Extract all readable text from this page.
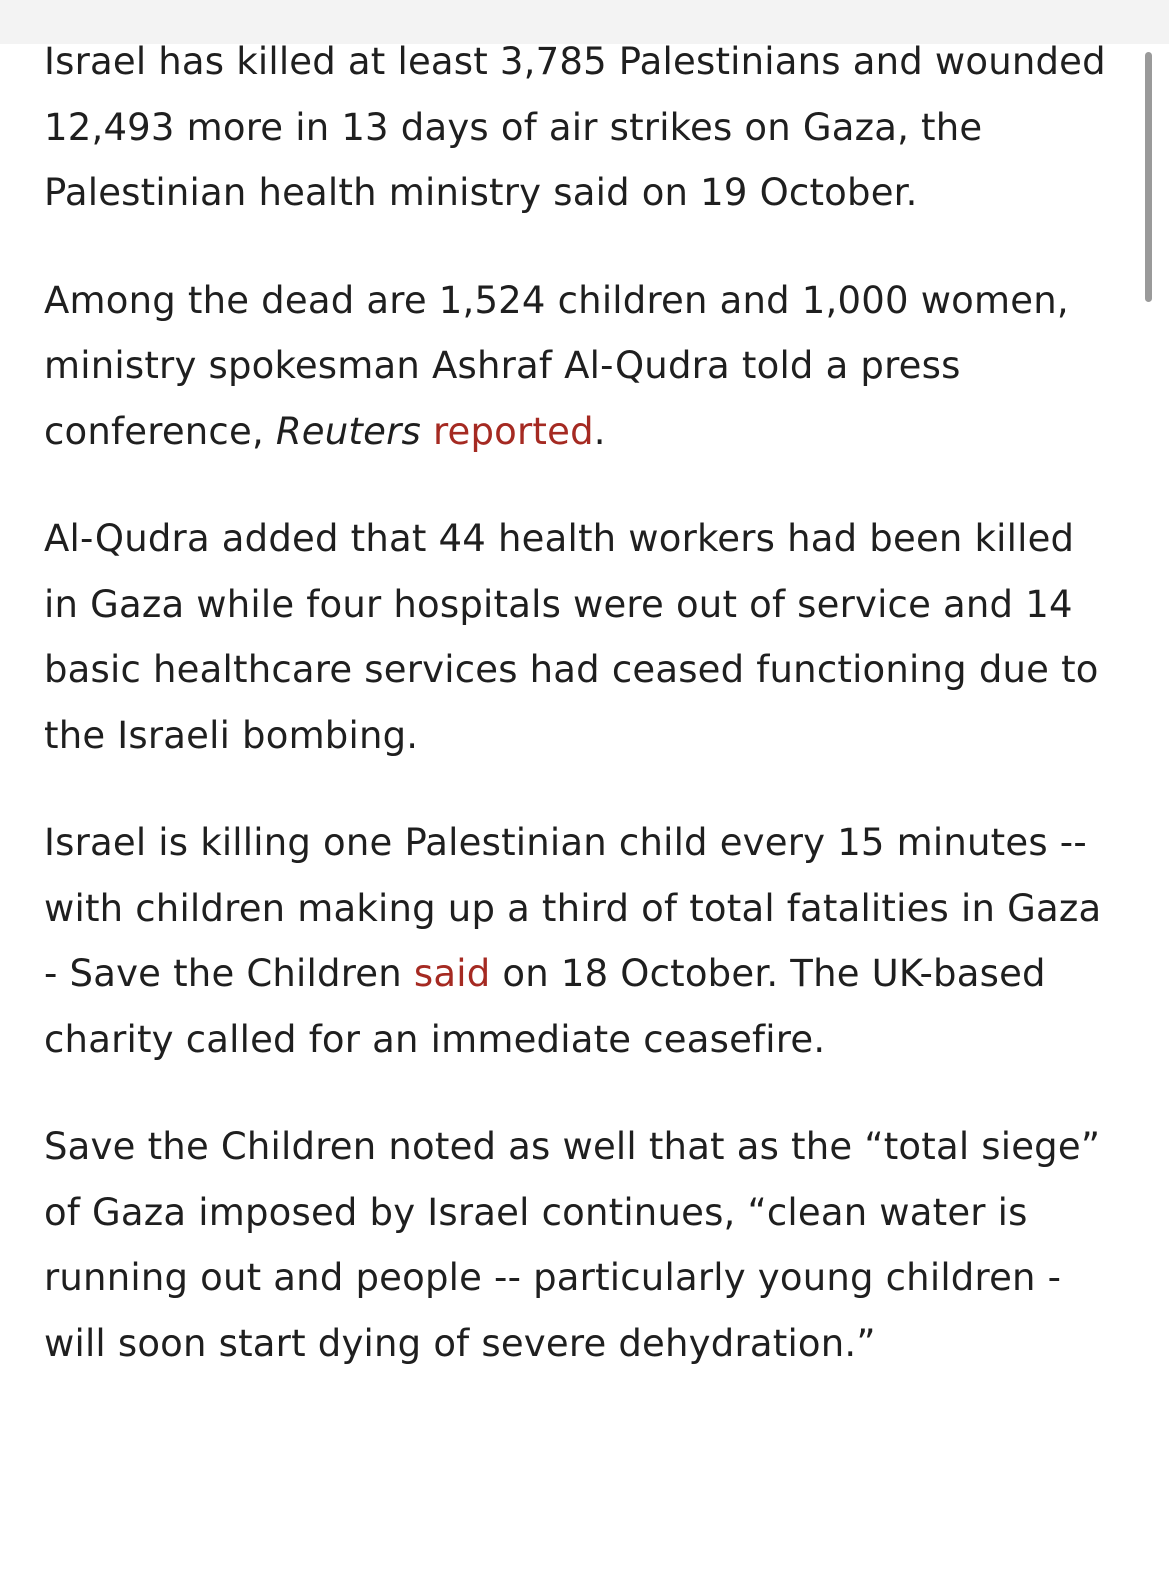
Israel has killed at least 3,785 Palestinians and wounded 12,493 more in 13 days of air strikes on Gaza, the Palestinian health ministry said on 19 October.

Among the dead are 1,524 children and 1,000 women, ministry spokesman Ashraf Al-Qudra told a press conference, Reuters reported.

Al-Qudra added that 44 health workers had been killed in Gaza while four hospitals were out of service and 14 basic healthcare services had ceased functioning due to the Israeli bombing.

Israel is killing one Palestinian child every 15 minutes -- with children making up a third of total fatalities in Gaza - Save the Children said on 18 October. The UK-based charity called for an immediate ceasefire.

Save the Children noted as well that as the “total siege” of Gaza imposed by Israel continues, “clean water is running out and people -- particularly young children - will soon start dying of severe dehydration.”
